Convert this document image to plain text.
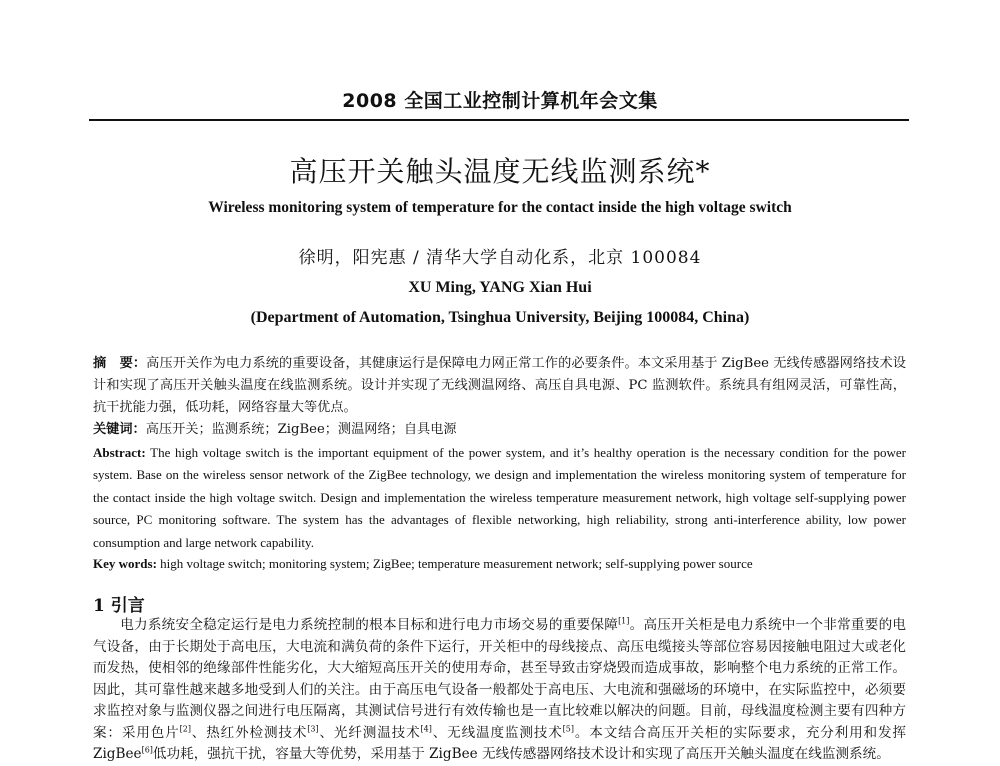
2008 全国工业控制计算机年会文集
高压开关触头温度无线监测系统*
Wireless monitoring system of temperature for the contact inside the high voltage switch
徐明，阳宪惠 / 清华大学自动化系，北京 100084
XU Ming, YANG Xian Hui
(Department of Automation, Tsinghua University, Beijing 100084, China)
摘　要：高压开关作为电力系统的重要设备，其健康运行是保障电力网正常工作的必要条件。本文采用基于 ZigBee 无线传感器网络技术设计和实现了高压开关触头温度在线监测系统。设计并实现了无线测温网络、高压自具电源、PC 监测软件。系统具有组网灵活，可靠性高，抗干扰能力强，低功耗，网络容量大等优点。
关键词：高压开关；监测系统；ZigBee；测温网络；自具电源
Abstract: The high voltage switch is the important equipment of the power system, and it’s healthy operation is the necessary condition for the power system. Base on the wireless sensor network of the ZigBee technology, we design and implementation the wireless monitoring system of temperature for the contact inside the high voltage switch. Design and implementation the wireless temperature measurement network, high voltage self-supplying power source, PC monitoring software. The system has the advantages of flexible networking, high reliability, strong anti-interference ability, low power consumption and large network capability.
Key words: high voltage switch; monitoring system; ZigBee; temperature measurement network; self-supplying power source
1 引言
电力系统安全稳定运行是电力系统控制的根本目标和进行电力市场交易的重要保障[1]。高压开关柜是电力系统中一个非常重要的电气设备，由于长期处于高电压，大电流和满负荷的条件下运行，开关柜中的母线接点、高压电缆接头等部位容易因接触电阻过大或老化而发热，使相邻的绝缘部件性能劣化，大大缩短高压开关的使用寿命，甚至导致击穿烧毁而造成事故，影响整个电力系统的正常工作。因此，其可靠性越来越多地受到人们的关注。由于高压电气设备一般都处于高电压、大电流和强磁场的环境中，在实际监控中，必须要求监控对象与监测仪器之间进行电压隔离，其测试信号进行有效传输也是一直比较难以解决的问题。目前，母线温度检测主要有四种方案：采用色片[2]、热红外检测技术[3]、光纤测温技术[4]、无线温度监测技术[5]。本文结合高压开关柜的实际要求，充分利用和发挥 ZigBee[6]低功耗，强抗干扰，容量大等优势，采用基于 ZigBee 无线传感器网络技术设计和实现了高压开关触头温度在线监测系统。
